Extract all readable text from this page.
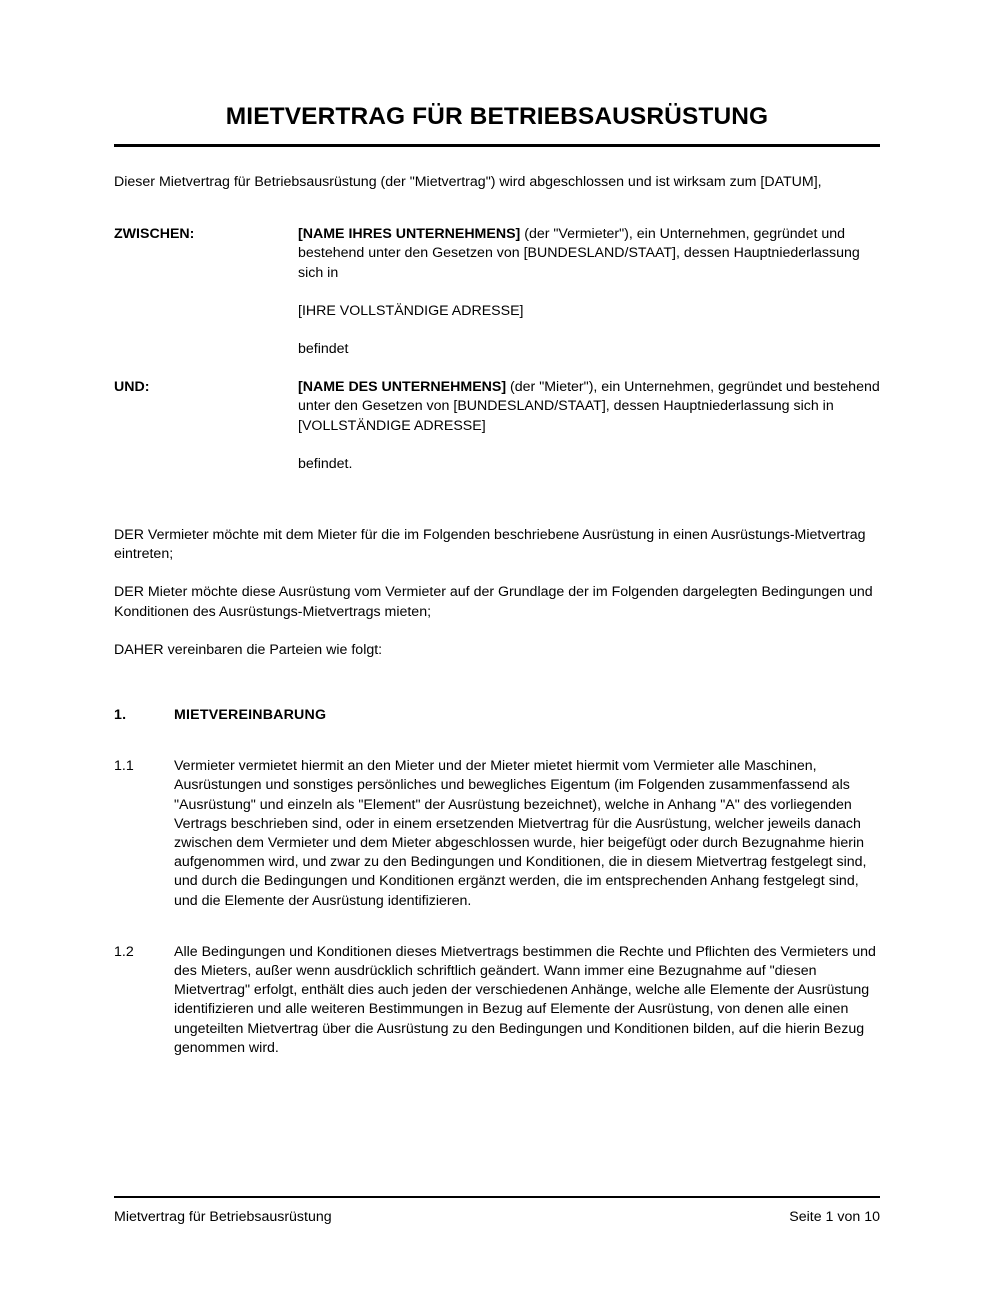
MIETVERTRAG FÜR BETRIEBSAUSRÜSTUNG

Dieser Mietvertrag für Betriebsausrüstung (der "Mietvertrag") wird abgeschlossen und ist wirksam zum [DATUM],

ZWISCHEN:	[NAME IHRES UNTERNEHMENS] (der "Vermieter"), ein Unternehmen, gegründet und bestehend unter den Gesetzen von [BUNDESLAND/STAAT], dessen Hauptniederlassung sich in

[IHRE VOLLSTÄNDIGE ADRESSE]

befindet

UND:	[NAME DES UNTERNEHMENS] (der "Mieter"), ein Unternehmen, gegründet und bestehend unter den Gesetzen von [BUNDESLAND/STAAT], dessen Hauptniederlassung sich in

[VOLLSTÄNDIGE ADRESSE]

befindet.

DER Vermieter möchte mit dem Mieter für die im Folgenden beschriebene Ausrüstung in einen Ausrüstungs-Mietvertrag eintreten;

DER Mieter möchte diese Ausrüstung vom Vermieter auf der Grundlage der im Folgenden dargelegten Bedingungen und Konditionen des Ausrüstungs-Mietvertrags mieten;

DAHER vereinbaren die Parteien wie folgt:

1.	MIETVEREINBARUNG
1.1	Vermieter vermietet hiermit an den Mieter und der Mieter mietet hiermit vom Vermieter alle Maschinen, Ausrüstungen und sonstiges persönliches und bewegliches Eigentum (im Folgenden zusammenfassend als "Ausrüstung" und einzeln als "Element" der Ausrüstung bezeichnet), welche in Anhang "A" des vorliegenden Vertrags beschrieben sind, oder in einem ersetzenden Mietvertrag für die Ausrüstung, welcher jeweils danach zwischen dem Vermieter und dem Mieter abgeschlossen wurde, hier beigefügt oder durch Bezugnahme hierin aufgenommen wird, und zwar zu den Bedingungen und Konditionen, die in diesem Mietvertrag festgelegt sind, und durch die Bedingungen und Konditionen ergänzt werden, die im entsprechenden Anhang festgelegt sind, und die Elemente der Ausrüstung identifizieren.
1.2	Alle Bedingungen und Konditionen dieses Mietvertrags bestimmen die Rechte und Pflichten des Vermieters und des Mieters, außer wenn ausdrücklich schriftlich geändert. Wann immer eine Bezugnahme auf "diesen Mietvertrag" erfolgt, enthält dies auch jeden der verschiedenen Anhänge, welche alle Elemente der Ausrüstung identifizieren und alle weiteren Bestimmungen in Bezug auf Elemente der Ausrüstung, von denen alle einen ungeteilten Mietvertrag über die Ausrüstung zu den Bedingungen und Konditionen bilden, auf die hierin Bezug genommen wird.
Mietvertrag für Betriebsausrüstung	Seite 1 von 10
